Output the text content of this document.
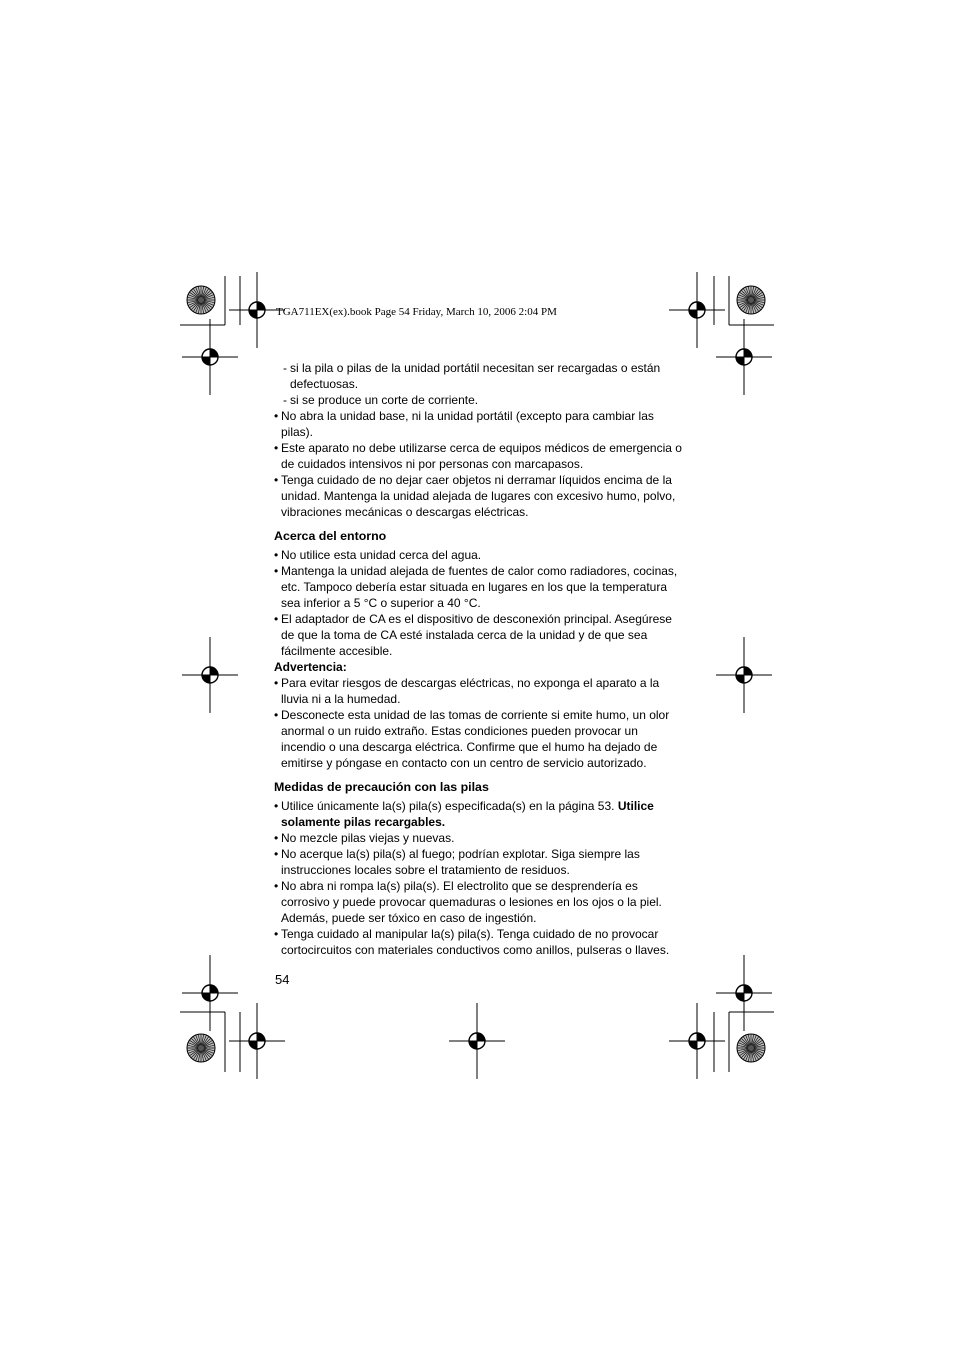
TGA711EX(ex).book Page 54 Friday, March 10, 2006 2:04 PM
- si la pila o pilas de la unidad portátil necesitan ser recargadas o están defectuosas.
- si se produce un corte de corriente.
• No abra la unidad base, ni la unidad portátil (excepto para cambiar las pilas).
• Este aparato no debe utilizarse cerca de equipos médicos de emergencia o de cuidados intensivos ni por personas con marcapasos.
• Tenga cuidado de no dejar caer objetos ni derramar líquidos encima de la unidad. Mantenga la unidad alejada de lugares con excesivo humo, polvo, vibraciones mecánicas o descargas eléctricas.
Acerca del entorno
• No utilice esta unidad cerca del agua.
• Mantenga la unidad alejada de fuentes de calor como radiadores, cocinas, etc. Tampoco debería estar situada en lugares en los que la temperatura sea inferior a 5 °C o superior a 40 °C.
• El adaptador de CA es el dispositivo de desconexión principal. Asegúrese de que la toma de CA esté instalada cerca de la unidad y de que sea fácilmente accesible.
Advertencia:
• Para evitar riesgos de descargas eléctricas, no exponga el aparato a la lluvia ni a la humedad.
• Desconecte esta unidad de las tomas de corriente si emite humo, un olor anormal o un ruido extraño. Estas condiciones pueden provocar un incendio o una descarga eléctrica. Confirme que el humo ha dejado de emitirse y póngase en contacto con un centro de servicio autorizado.
Medidas de precaución con las pilas
• Utilice únicamente la(s) pila(s) especificada(s) en la página 53. Utilice solamente pilas recargables.
• No mezcle pilas viejas y nuevas.
• No acerque la(s) pila(s) al fuego; podrían explotar. Siga siempre las instrucciones locales sobre el tratamiento de residuos.
• No abra ni rompa la(s) pila(s). El electrolito que se desprendería es corrosivo y puede provocar quemaduras o lesiones en los ojos o la piel. Además, puede ser tóxico en caso de ingestión.
• Tenga cuidado al manipular la(s) pila(s). Tenga cuidado de no provocar cortocircuitos con materiales conductivos como anillos, pulseras o llaves.
54
